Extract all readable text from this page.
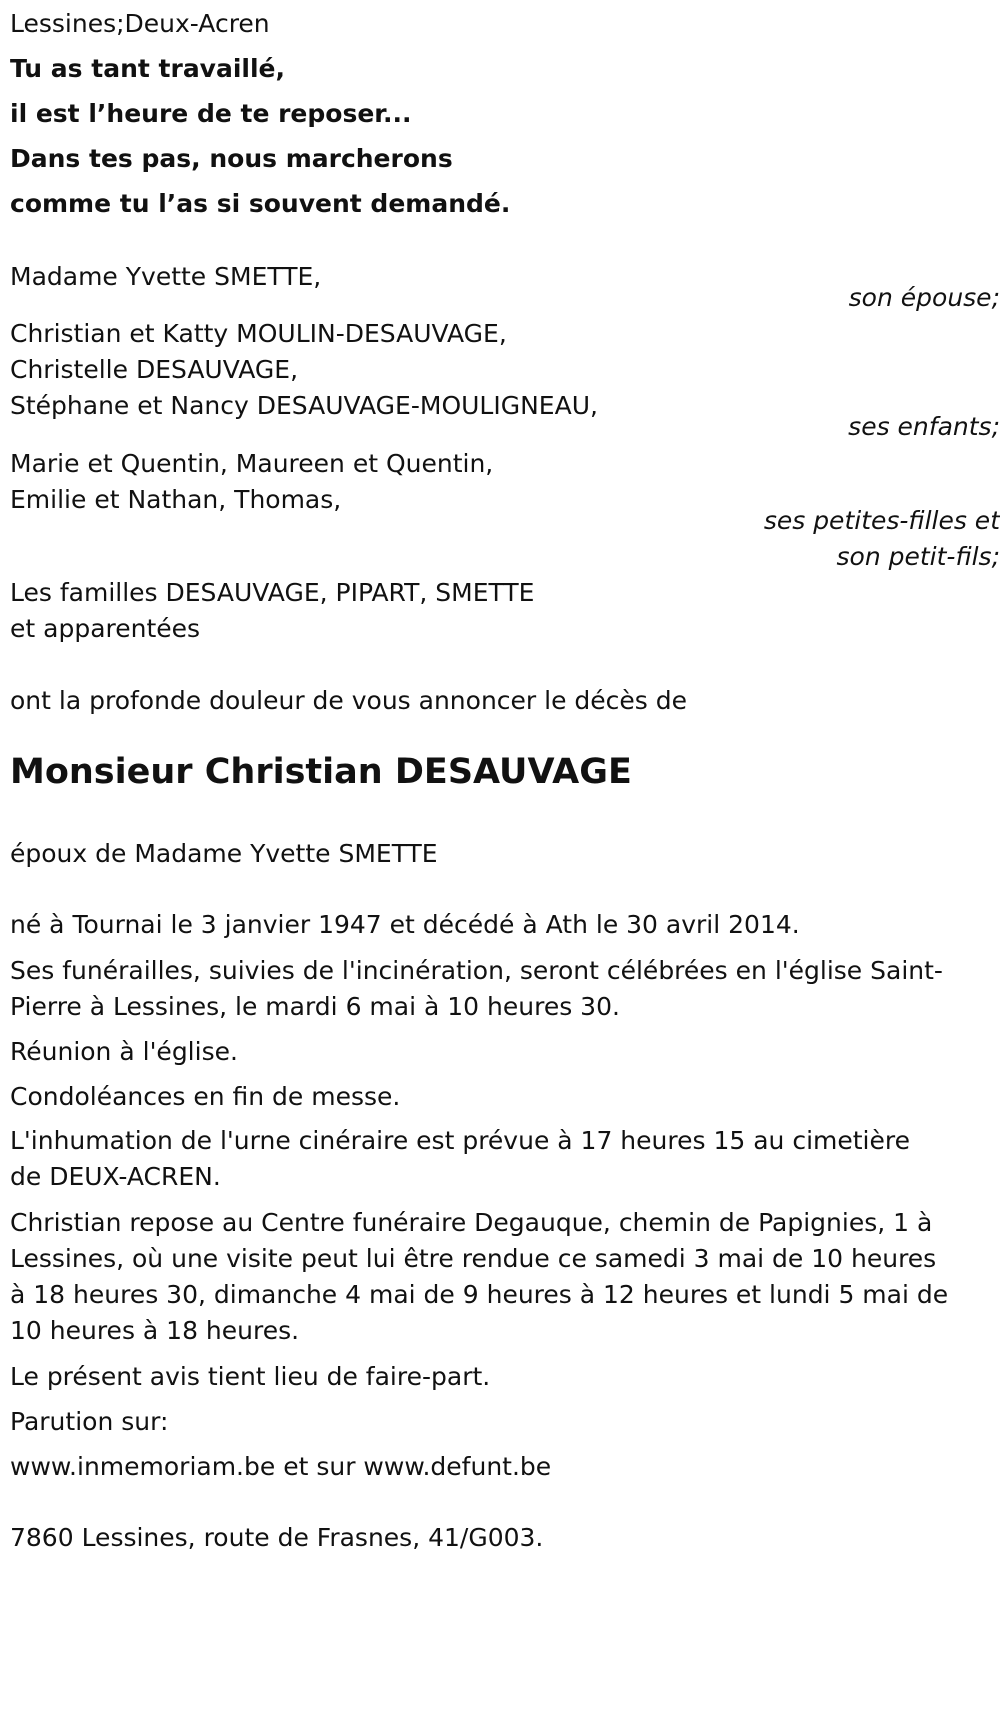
Lessines;Deux-Acren
Tu as tant travaillé,
il est l’heure de te reposer...
Dans tes pas, nous marcherons
comme tu l’as si souvent demandé.
Madame Yvette SMETTE,
son épouse;
Christian et Katty MOULIN-DESAUVAGE,
Christelle DESAUVAGE,
Stéphane et Nancy DESAUVAGE-MOULIGNEAU,
ses enfants;
Marie et Quentin, Maureen et Quentin,
Emilie et Nathan, Thomas,
ses petites-filles et
son petit-fils;
Les familles DESAUVAGE, PIPART, SMETTE
et apparentées
ont la profonde douleur de vous annoncer le décès de
Monsieur Christian DESAUVAGE
époux de Madame Yvette SMETTE
né à Tournai le 3 janvier 1947 et décédé à Ath le 30 avril 2014.
Ses funérailles, suivies de l'incinération, seront célébrées en l'église Saint-
Pierre à Lessines, le mardi 6 mai à 10 heures 30.
Réunion à l'église.
Condoléances en fin de messe.
L'inhumation de l'urne cinéraire est prévue à 17 heures 15 au cimetière
de DEUX-ACREN.
Christian repose au Centre funéraire Degauque, chemin de Papignies, 1 à
Lessines, où une visite peut lui être rendue ce samedi 3 mai de 10 heures
à 18 heures 30, dimanche 4 mai de 9 heures à 12 heures et lundi 5 mai de
10 heures à 18 heures.
Le présent avis tient lieu de faire-part.
Parution sur:
www.inmemoriam.be et sur www.defunt.be
7860 Lessines, route de Frasnes, 41/G003.
